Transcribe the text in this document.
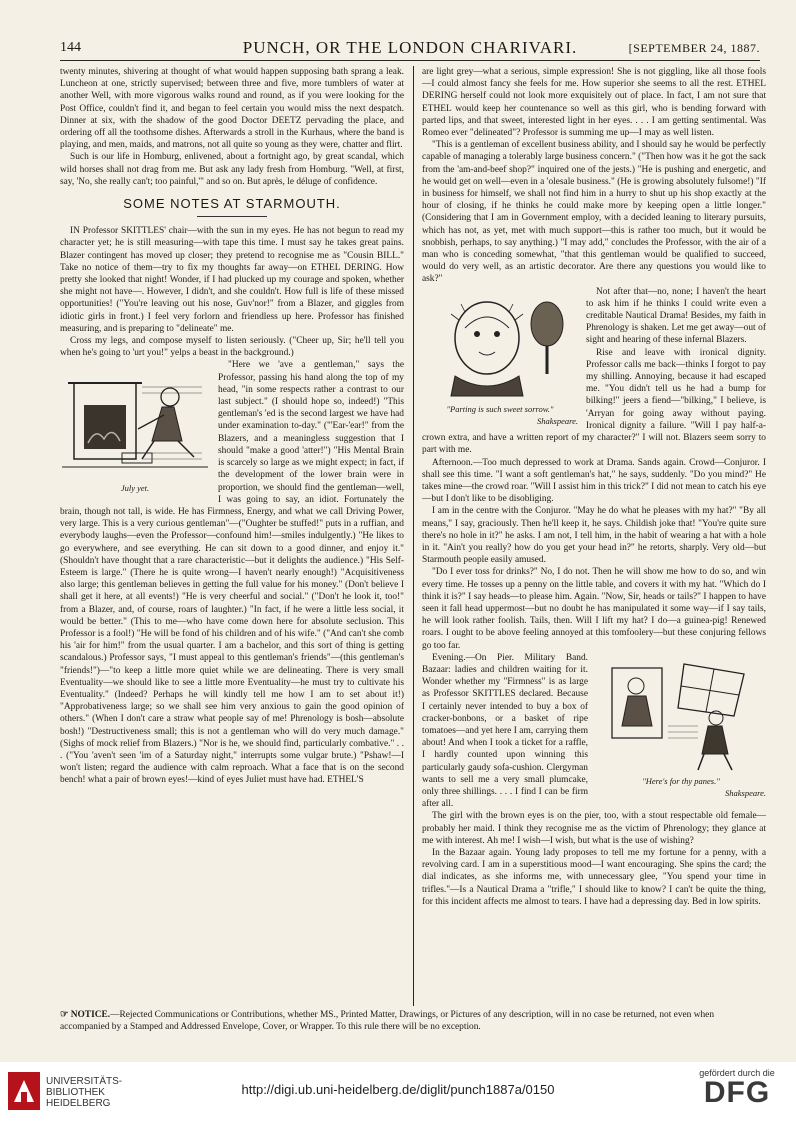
144	PUNCH, OR THE LONDON CHARIVARI.	[SEPTEMBER 24, 1887.

twenty minutes, shivering at thought of what would happen supposing bath sprang a leak. Luncheon at one, strictly supervised; between three and five, more tumblers of water at another Well, with more vigorous walks round and round, as if you were looking for the Post Office, couldn't find it, and began to feel certain you would miss the next despatch. Dinner at six, with the shadow of the good Doctor DEETZ pervading the place, and ordering off all the toothsome dishes. Afterwards a stroll in the Kurhaus, where the band is playing, and men, maids, and matrons, not all quite so young as they were, chatter and flirt.

Such is our life in Homburg, enlivened, about a fortnight ago, by great scandal, which wild horses shall not drag from me. But ask any lady fresh from Homburg. "Well, at first, say, 'No, she really can't; too painful,'" and so on. But après, le déluge of confidence.

SOME NOTES AT STARMOUTH.

IN Professor SKITTLES' chair—with the sun in my eyes. He has not begun to read my character yet; he is still measuring—with tape this time. I must say he takes great pains. Blazer contingent has moved up closer; they pretend to recognise me as "Cousin BILL." Take no notice of them—try to fix my thoughts far away—on ETHEL DERING. How pretty she looked that night! Wonder, if I had plucked up my courage and spoken, whether she might not have—. However, I didn't, and she couldn't. How full is life of these missed opportunities! ("You're leaving out his nose, Guv'nor!" from a Blazer, and giggles from idiotic girls in front.) I feel very forlorn and friendless up here. Professor has finished measuring, and is preparing to "delineate" me.

Cross my legs, and compose myself to listen seriously. ("Cheer up, Sir; he'll tell you when he's going to 'urt you!" yelps a beast in the background.)

July yet.

"Here we 'ave a gentleman," says the Professor, passing his hand along the top of my head, "in some respects rather a contrast to our last subject." (I should hope so, indeed!) "This gentleman's 'ed is the second largest we have had under examination to-day." ("'Ear-'ear!" from the Blazers, and a meaningless suggestion that I should "make a good 'atter!") "His Mental Brain is scarcely so large as we might expect; in fact, if the development of the lower brain were in proportion, we should find the gentleman—well, I was going to say, an idiot. Fortunately the brain, though not tall, is wide. He has Firmness, Energy, and what we call Driving Power, very large. This is a very curious gentleman"—("Oughter be stuffed!" puts in a ruffian, and everybody laughs—even the Professor—confound him!—smiles indulgently.) "He likes to go everywhere, and see everything. He can sit down to a good dinner, and enjoy it." (Shouldn't have thought that a rare characteristic—but it delights the audience.) "His Self-Esteem is large." (There he is quite wrong—I haven't nearly enough!) "Acquisitiveness also large; this gentleman believes in getting the full value for his money." (Don't believe I shall get it here, at all events!) "He is very cheerful and social." ("Don't he look it, too!" from a Blazer, and, of course, roars of laughter.) "In fact, if he were a little less social, it would be better." (This to me—who have come down here for absolute seclusion. This Professor is a fool!) "He will be fond of his children and of his wife." ("And can't she comb his 'air for him!" from the usual quarter. I am a bachelor, and this sort of thing is getting scandalous.) Professor says, "I must appeal to this gentleman's friends"—(this gentleman's "friends!")—"to keep a little more quiet while we are delineating. There is very small Eventuality—we should like to see a little more Eventuality—he must try to cultivate his Eventuality." (Indeed? Perhaps he will kindly tell me how I am to set about it!) "Approbativeness large; so we shall see him very anxious to gain the good opinion of others." (When I don't care a straw what people say of me! Phrenology is bosh—absolute bosh!) "Destructiveness small; this is not a gentleman who will do very much damage." (Sighs of mock relief from Blazers.) "Nor is he, we should find, particularly combative." . . . ("You 'aven't seen 'im of a Saturday night," interrupts some vulgar brute.) "Pshaw!—I won't listen; regard the audience with calm reproach. What a face that is on the second bench! what a pair of brown eyes!—kind of eyes Juliet must have had. ETHEL'S

are light grey—what a serious, simple expression! She is not giggling, like all those fools—I could almost fancy she feels for me. How superior she seems to all the rest. ETHEL DERING herself could not look more exquisitely out of place. In fact, I am not sure that ETHEL would keep her countenance so well as this girl, who is bending forward with parted lips, and that sweet, interested light in her eyes. . . . I am getting sentimental. Was Romeo ever "delineated"? Professor is summing me up—I may as well listen.

"This is a gentleman of excellent business ability, and I should say he would be perfectly capable of managing a tolerably large business concern." ("Then how was it he got the sack from the 'am-and-beef shop?" inquired one of the jests.) "He is pushing and energetic, and he would get on well—even in a 'olesale business." (He is growing absolutely fulsome!) "If in business for himself, we shall not find him in a hurry to shut up his shop exactly at the hour of closing, if he thinks he could make more by keeping open a little longer." (Considering that I am in Government employ, with a decided leaning to literary pursuits, which has not, as yet, met with much support—this is rather too much, but it would be snobbish, perhaps, to say anything.) "I may add," concludes the Professor, with the air of a man who is conceding somewhat, "that this gentleman would be qualified to succeed, would do very well, as an artistic decorator. Are there any questions you would like to ask?"

"Parting is such sweet sorrow."
Shakspeare.

Not after that—no, none; I haven't the heart to ask him if he thinks I could write even a creditable Nautical Drama! Besides, my faith in Phrenology is shaken. Let me get away—out of sight and hearing of these infernal Blazers.

Rise and leave with ironical dignity. Professor calls me back—thinks I forgot to pay my shilling. Annoying, because it had escaped me. "You didn't tell us he had a bump for bilking!" jeers a fiend—"bilking," I believe, is 'Arryan for going away without paying. Ironical dignity a failure. "Will I pay half-a-crown extra, and have a written report of my character?" I will not. Blazers seem sorry to part with me.

Afternoon.—Too much depressed to work at Drama. Sands again. Crowd—Conjuror. I shall see this time. "I want a soft gentleman's hat," he says, suddenly. "Do you mind?" He takes mine—the crowd roar. "Will I assist him in this trick?" I did not mean to catch his eye—but I don't like to be disobliging.

I am in the centre with the Conjuror. "May he do what he pleases with my hat?" "By all means," I say, graciously. Then he'll keep it, he says. Childish joke that! "You're quite sure there's no hole in it?" he asks. I am not, I tell him, in the habit of wearing a hat with a hole in it. "Ain't you really? how do you get your head in?" he retorts, sharply. Very old—but Starmouth people easily amused.

"Do I ever toss for drinks?" No, I do not. Then he will show me how to do so, and win every time. He tosses up a penny on the little table, and covers it with my hat. "Which do I think it is?" I say heads—to please him. Again. "Now, Sir, heads or tails?" I happen to have seen it fall head uppermost—but no doubt he has manipulated it some way—if I say tails, he will look rather foolish. Tails, then. Will I lift my hat? I do—a guinea-pig! Renewed roars. I ought to be above feeling annoyed at this tomfoolery—but these conjuring fellows go too far.

"Here's for thy panes."
Shakspeare.

Evening.—On Pier. Military Band. Bazaar: ladies and children waiting for it. Wonder whether my "Firmness" is as large as Professor SKITTLES declared. Because I certainly never intended to buy a box of cracker-bonbons, or a basket of ripe tomatoes—and yet here I am, carrying them about! And when I took a ticket for a raffle, I hardly counted upon winning this particularly gaudy sofa-cushion. Clergyman wants to sell me a very small plumcake, only three shillings. . . . I find I can be firm after all.

The girl with the brown eyes is on the pier, too, with a stout respectable old female—probably her maid. I think they recognise me as the victim of Phrenology; they glance at me with interest. Ah me! I wish—I wish, but what is the use of wishing?

In the Bazaar again. Young lady proposes to tell me my fortune for a penny, with a revolving card. I am in a superstitious mood—I want encouraging. She spins the card; the dial indicates, as she informs me, with unnecessary glee, "You spend your time in trifles."—Is a Nautical Drama a "trifle," I should like to know? I can't be quite the thing, for this incident affects me almost to tears. I have had a depressing day. Bed in low spirits.

☞ NOTICE.—Rejected Communications or Contributions, whether MS., Printed Matter, Drawings, or Pictures of any description, will in no case be returned, not even when accompanied by a Stamped and Addressed Envelope, Cover, or Wrapper. To this rule there will be no exception.
UNIVERSITÄTS-
BIBLIOTHEK
HEIDELBERG
http://digi.ub.uni-heidelberg.de/diglit/punch1887a/0150
gefördert durch die
DFG
